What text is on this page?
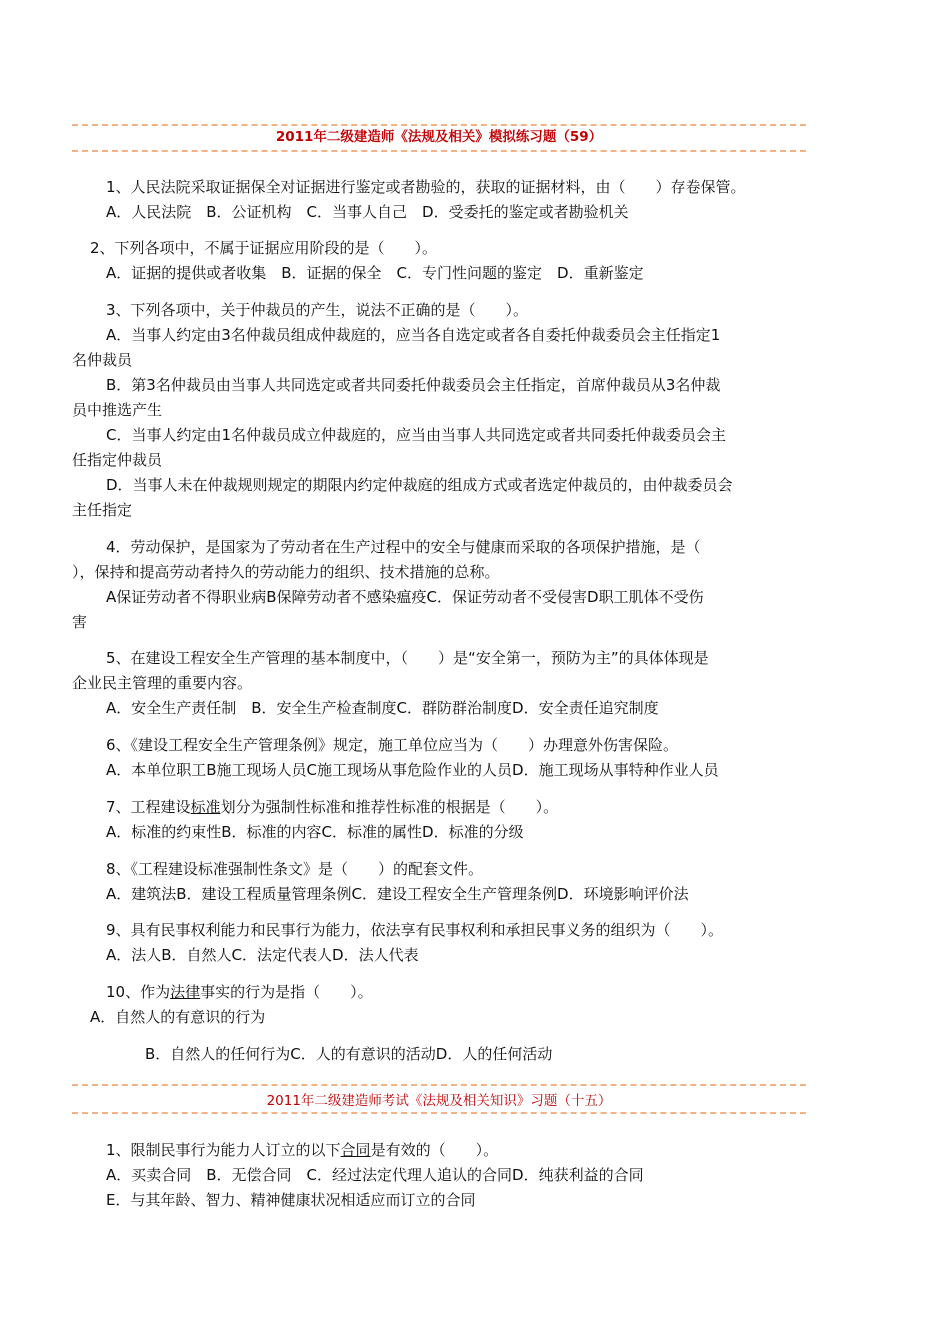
2011年二级建造师《法规及相关》模拟练习题（59）
1、人民法院采取证据保全对证据进行鉴定或者勘验的，获取的证据材料，由（　　）存卷保管。
A．人民法院　B．公证机构　C．当事人自己　D．受委托的鉴定或者勘验机关
2、下列各项中，不属于证据应用阶段的是（　　）。
A．证据的提供或者收集　B．证据的保全　C．专门性问题的鉴定　D．重新鉴定
3、下列各项中，关于仲裁员的产生，说法不正确的是（　　）。
A．当事人约定由3名仲裁员组成仲裁庭的，应当各自选定或者各自委托仲裁委员会主任指定1
名仲裁员
B．第3名仲裁员由当事人共同选定或者共同委托仲裁委员会主任指定，首席仲裁员从3名仲裁
员中推选产生
C．当事人约定由1名仲裁员成立仲裁庭的，应当由当事人共同选定或者共同委托仲裁委员会主
任指定仲裁员
D．当事人未在仲裁规则规定的期限内约定仲裁庭的组成方式或者选定仲裁员的，由仲裁委员会
主任指定
4．劳动保护，是国家为了劳动者在生产过程中的安全与健康而采取的各项保护措施，是（
），保持和提高劳动者持久的劳动能力的组织、技术措施的总称。
A保证劳动者不得职业病B保障劳动者不感染瘟疫C．保证劳动者不受侵害D职工肌体不受伤
害
5、在建设工程安全生产管理的基本制度中，（　　）是“安全第一，预防为主”的具体体现是
企业民主管理的重要内容。
A．安全生产责任制　B．安全生产检查制度C．群防群治制度D．安全责任追究制度
6、《建设工程安全生产管理条例》规定，施工单位应当为（　　）办理意外伤害保险。
A．本单位职工B施工现场人员C施工现场从事危险作业的人员D．施工现场从事特种作业人员
7、工程建设标准划分为强制性标准和推荐性标准的根据是（　　）。
A．标准的约束性B．标准的内容C．标准的属性D．标准的分级
8、《工程建设标准强制性条文》是（　　）的配套文件。
A．建筑法B．建设工程质量管理条例C．建设工程安全生产管理条例D．环境影响评价法
9、具有民事权利能力和民事行为能力，依法享有民事权利和承担民事义务的组织为（　　）。
A．法人B．自然人C．法定代表人D．法人代表
10、作为法律事实的行为是指（　　）。
A．自然人的有意识的行为
B．自然人的任何行为C．人的有意识的活动D．人的任何活动
2011年二级建造师考试《法规及相关知识》习题（十五）
1、限制民事行为能力人订立的以下合同是有效的（　　）。
A．买卖合同　B．无偿合同　C．经过法定代理人追认的合同D．纯获利益的合同
E．与其年龄、智力、精神健康状况相适应而订立的合同
